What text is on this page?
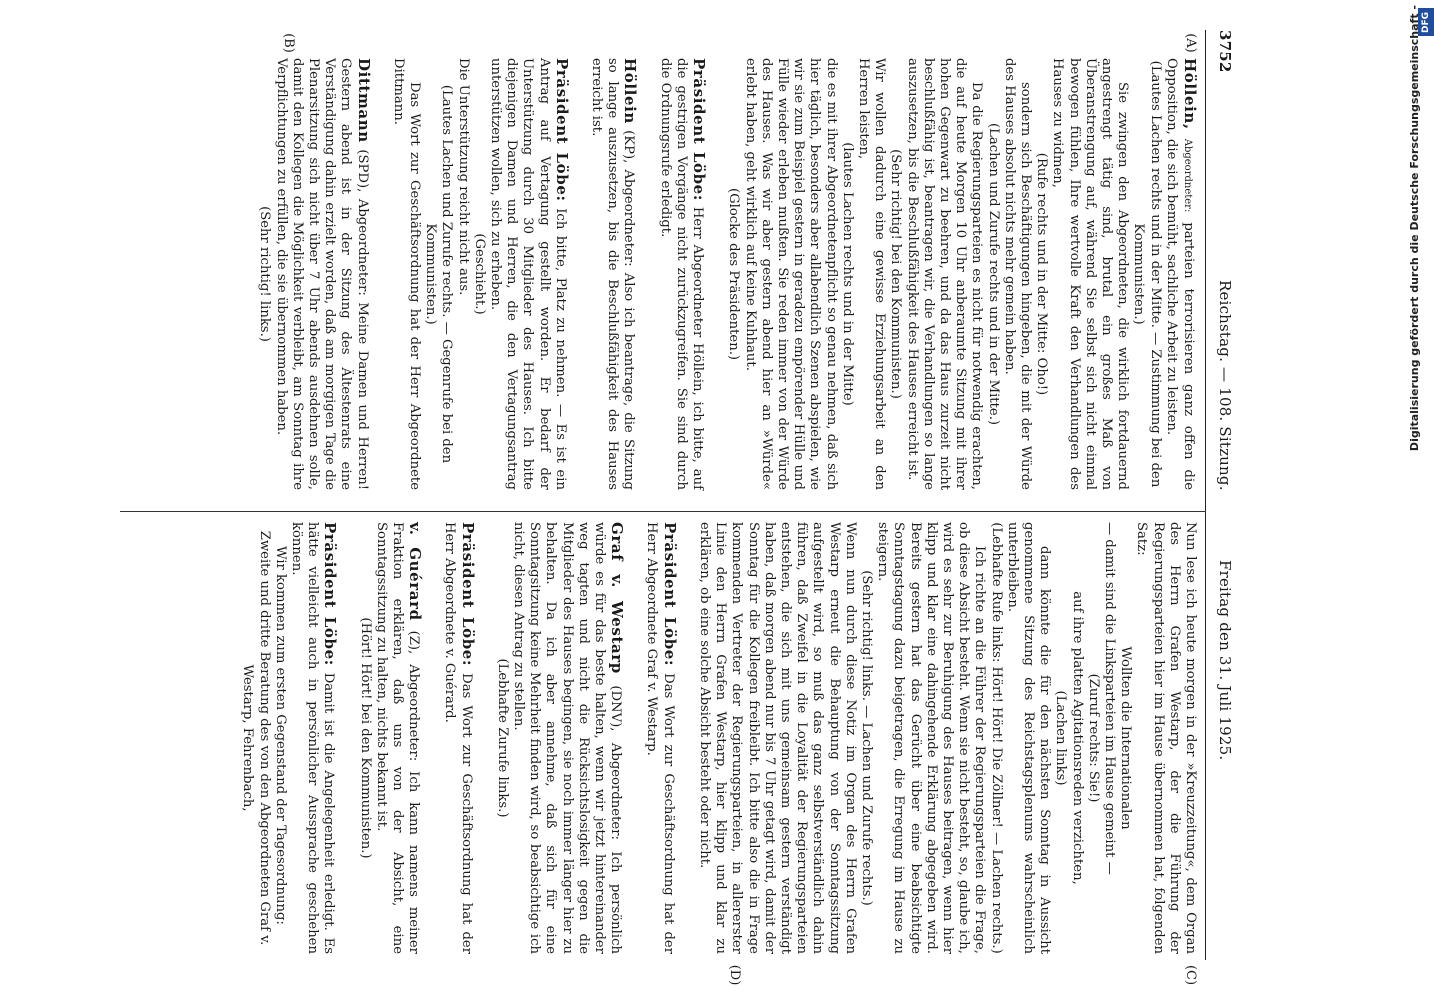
3752
Reichstag. — 108. Sitzung.
Freitag den 31. Juli 1925.
(A)
(B)
(C)
(D)

Höllein, Abgeordneter: parteien terrorisieren ganz offen die Opposition, die sich bemüht, sachliche Arbeit zu leisten.

(Lautes Lachen rechts und in der Mitte. — Zustimmung bei den Kommunisten.)

Sie zwingen den Abgeordneten, die wirklich fortdauernd angestrengt tätig sind, brutal ein großes Maß von Überanstrengung auf, während Sie selbst sich nicht einmal bewogen fühlen, Ihre wertvolle Kraft den Verhandlungen des Hauses zu widmen,

(Rufe rechts und in der Mitte: Oho!)

sondern sich Beschäftigungen hingeben, die mit der Würde des Hauses absolut nichts mehr gemein haben.

(Lachen und Zurufe rechts und in der Mitte.)

Da die Regierungsparteien es nicht für notwendig erachten, die auf heute Morgen 10 Uhr anberaumte Sitzung mit ihrer hohen Gegenwart zu beehren, und da das Haus zurzeit nicht beschlußfähig ist, beantragen wir, die Verhandlungen so lange auszusetzen, bis die Beschlußfähigkeit des Hauses erreicht ist.

(Sehr richtig! bei den Kommunisten.)

Wir wollen dadurch eine gewisse Erziehungsarbeit an den Herren leisten,

(lautes Lachen rechts und in der Mitte)

die es mit ihrer Abgeordnetenpflicht so genau nehmen, daß sich hier täglich, besonders aber allabendlich Szenen abspielen, wie wir sie zum Beispiel gestern in geradezu empörender Hülle und Fülle wieder erleben mußten. Sie reden immer von der Würde des Hauses. Was wir aber gestern abend hier an »Würde« erlebt haben, geht wirklich auf keine Kuhhaut.

(Glocke des Präsidenten.)

Präsident Löbe: Herr Abgeordneter Höllein, ich bitte, auf die gestrigen Vorgänge nicht zurückzugreifen. Sie sind durch die Ordnungsrufe erledigt.

Höllein (KP), Abgeordneter: Also ich beantrage, die Sitzung so lange auszusetzen, bis die Beschlußfähigkeit des Hauses erreicht ist.

Präsident Löbe: Ich bitte, Platz zu nehmen. — Es ist ein Antrag auf Vertagung gestellt worden. Er bedarf der Unterstützung durch 30 Mitglieder des Hauses. Ich bitte diejenigen Damen und Herren, die den Vertagungsantrag unterstützen wollen, sich zu erheben.

(Geschieht.)

Die Unterstützung reicht nicht aus.

(Lautes Lachen und Zurufe rechts. — Gegenrufe bei den Kommunisten.)

Das Wort zur Geschäftsordnung hat der Herr Abgeordnete Dittmann.

Dittmann (SPD), Abgeordneter: Meine Damen und Herren! Gestern abend ist in der Sitzung des Ältestenrats eine Verständigung dahin erzielt worden, daß am morgigen Tage die Plenarsitzung sich nicht über 7 Uhr abends ausdehnen solle, damit den Kollegen die Möglichkeit verbleibt, am Sonntag ihre Verpflichtungen zu erfüllen, die sie übernommen haben.

(Sehr richtig! links.)

Nun lese ich heute morgen in der »Kreuzzeitung«, dem Organ des Herrn Grafen Westarp, der die Führung der Regierungsparteien hier im Hause übernommen hat, folgenden Satz:

Wollten die Internationalen

— damit sind die Linksparteien im Hause gemeint —

(Zuruf rechts: Sie!)

auf ihre platten Agitationsreden verzichten,

(Lachen links)

dann könnte die für den nächsten Sonntag in Aussicht genommene Sitzung des Reichstagsplenums wahrscheinlich unterbleiben.

(Lebhafte Rufe links: Hört! Hört! Die Zöllner! — Lachen rechts.)

Ich richte an die Führer der Regierungsparteien die Frage, ob diese Absicht besteht. Wenn sie nicht besteht, so, glaube ich, wird es sehr zur Beruhigung des Hauses beitragen, wenn hier klipp und klar eine dahingehende Erklärung abgegeben wird. Bereits gestern hat das Gerücht über eine beabsichtigte Sonntagstagung dazu beigetragen, die Erregung im Hause zu steigern.

(Sehr richtig! links. — Lachen und Zurufe rechts.)

Wenn nun durch diese Notiz im Organ des Herrn Grafen Westarp erneut die Behauptung von der Sonntagssitzung aufgestellt wird, so muß das ganz selbstverständlich dahin führen, daß Zweifel in die Loyalität der Regierungsparteien entstehen, die sich mit uns gemeinsam gestern verständigt haben, daß morgen abend nur bis 7 Uhr getagt wird, damit der Sonntag für die Kollegen freibleibt. Ich bitte also die in Frage kommenden Vertreter der Regierungsparteien, in allererster Linie den Herrn Grafen Westarp, hier klipp und klar zu erklären, ob eine solche Absicht besteht oder nicht.

Präsident Löbe: Das Wort zur Geschäftsordnung hat der Herr Abgeordnete Graf v. Westarp.

Graf v. Westarp (DNV), Abgeordneter: Ich persönlich würde es für das beste halten, wenn wir jetzt hintereinander weg tagten und nicht die Rücksichtslosigkeit gegen die Mitglieder des Hauses begingen, sie noch immer länger hier zu behalten. Da ich aber annehme, daß sich für eine Sonntagsitzung keine Mehrheit finden wird, so beabsichtige ich nicht, diesen Antrag zu stellen.

(Lebhafte Zurufe links.)

Präsident Löbe: Das Wort zur Geschäftsordnung hat der Herr Abgeordnete v. Guérard.

v. Guérard (Z), Abgeordneter: Ich kann namens meiner Fraktion erklären, daß uns von der Absicht, eine Sonntagssitzung zu halten, nichts bekannt ist.

(Hört! Hört! bei den Kommunisten.)

Präsident Löbe: Damit ist die Angelegenheit erledigt. Es hätte vielleicht auch in persönlicher Aussprache geschehen können.

Wir kommen zum ersten Gegenstand der Tagesordnung:

Zweite und dritte Beratung des von den Abgeordneten Graf v. Westarp, Fehrenbach,

DFG
Digitalisierung gefördert durch die Deutsche Forschungsgemeinschaft -
